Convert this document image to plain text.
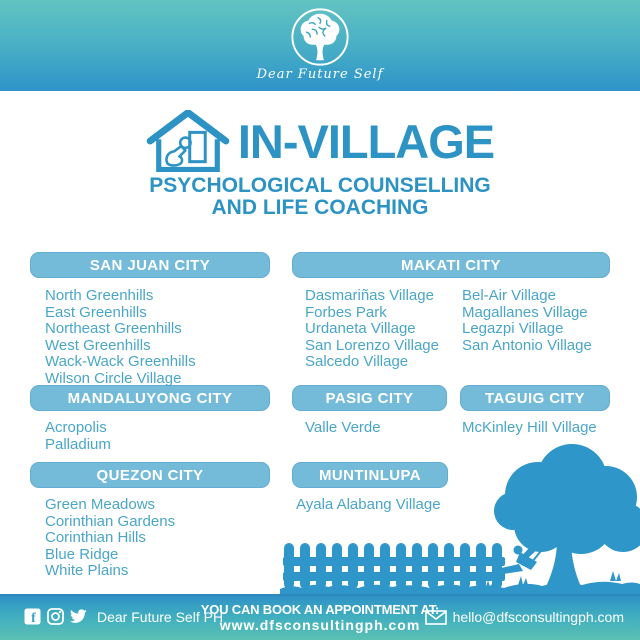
Dear Future Self
IN-VILLAGE
PSYCHOLOGICAL COUNSELLING
AND LIFE COACHING
SAN JUAN CITY	MAKATI CITY
MANDALUYONG CITY	PASIG CITY	TAGUIG CITY
QUEZON CITY	MUNTINLUPA
North Greenhills
East Greenhills
Northeast Greenhills
West Greenhills
Wack-Wack Greenhills
Wilson Circle Village
Dasmariñas Village
Forbes Park
Urdaneta Village
San Lorenzo Village
Salcedo Village
Bel-Air Village
Magallanes Village
Legazpi Village
San Antonio Village
Acropolis
Palladium
Valle Verde	McKinley Hill Village
Green Meadows
Corinthian Gardens
Corinthian Hills
Blue Ridge
White Plains
Ayala Alabang Village
f	Dear Future Self PH
YOU CAN BOOK AN APPOINTMENT AT:
www.dfsconsultingph.com	hello@dfsconsultingph.com
